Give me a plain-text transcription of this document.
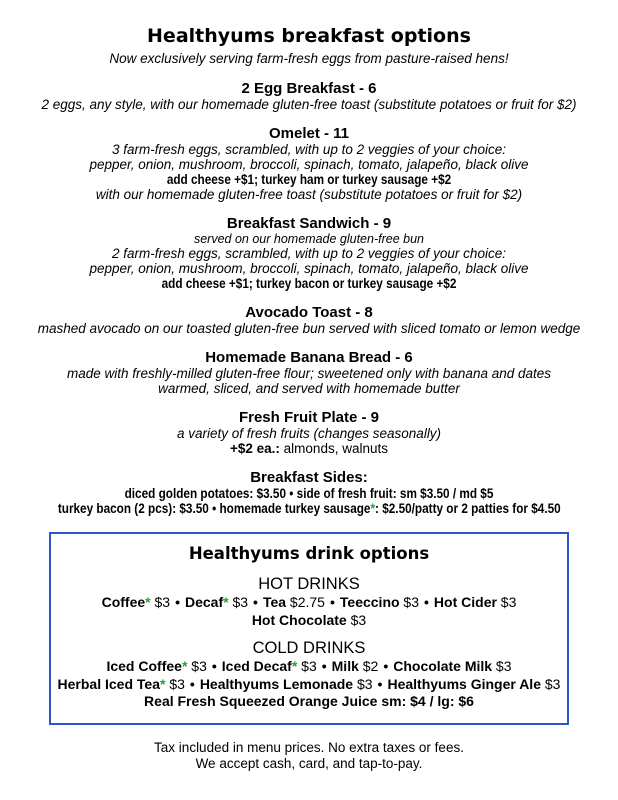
Healthyums breakfast options
Now exclusively serving farm-fresh eggs from pasture-raised hens!
2 Egg Breakfast - 6
2 eggs, any style, with our homemade gluten-free toast (substitute potatoes or fruit for $2)
Omelet - 11
3 farm-fresh eggs, scrambled, with up to 2 veggies of your choice:
pepper, onion, mushroom, broccoli, spinach, tomato, jalapeño, black olive
add cheese +$1; turkey ham or turkey sausage +$2
with our homemade gluten-free toast (substitute potatoes or fruit for $2)
Breakfast Sandwich - 9
served on our homemade gluten-free bun
2 farm-fresh eggs, scrambled, with up to 2 veggies of your choice:
pepper, onion, mushroom, broccoli, spinach, tomato, jalapeño, black olive
add cheese +$1; turkey bacon or turkey sausage +$2
Avocado Toast - 8
mashed avocado on our toasted gluten-free bun served with sliced tomato or lemon wedge
Homemade Banana Bread - 6
made with freshly-milled gluten-free flour; sweetened only with banana and dates
warmed, sliced, and served with homemade butter
Fresh Fruit Plate - 9
a variety of fresh fruits (changes seasonally)
+$2 ea.: almonds, walnuts
Breakfast Sides:
diced golden potatoes: $3.50 • side of fresh fruit: sm $3.50 / md $5
turkey bacon (2 pcs): $3.50 • homemade turkey sausage*: $2.50/patty or 2 patties for $4.50
Healthyums drink options
HOT DRINKS
Coffee* $3 • Decaf* $3 • Tea $2.75 • Teeccino $3 • Hot Cider $3
Hot Chocolate $3
COLD DRINKS
Iced Coffee* $3 • Iced Decaf* $3 • Milk $2 • Chocolate Milk $3
Herbal Iced Tea* $3 • Healthyums Lemonade $3 • Healthyums Ginger Ale $3
Real Fresh Squeezed Orange Juice sm: $4 / lg: $6
Tax included in menu prices. No extra taxes or fees.
We accept cash, card, and tap-to-pay.
